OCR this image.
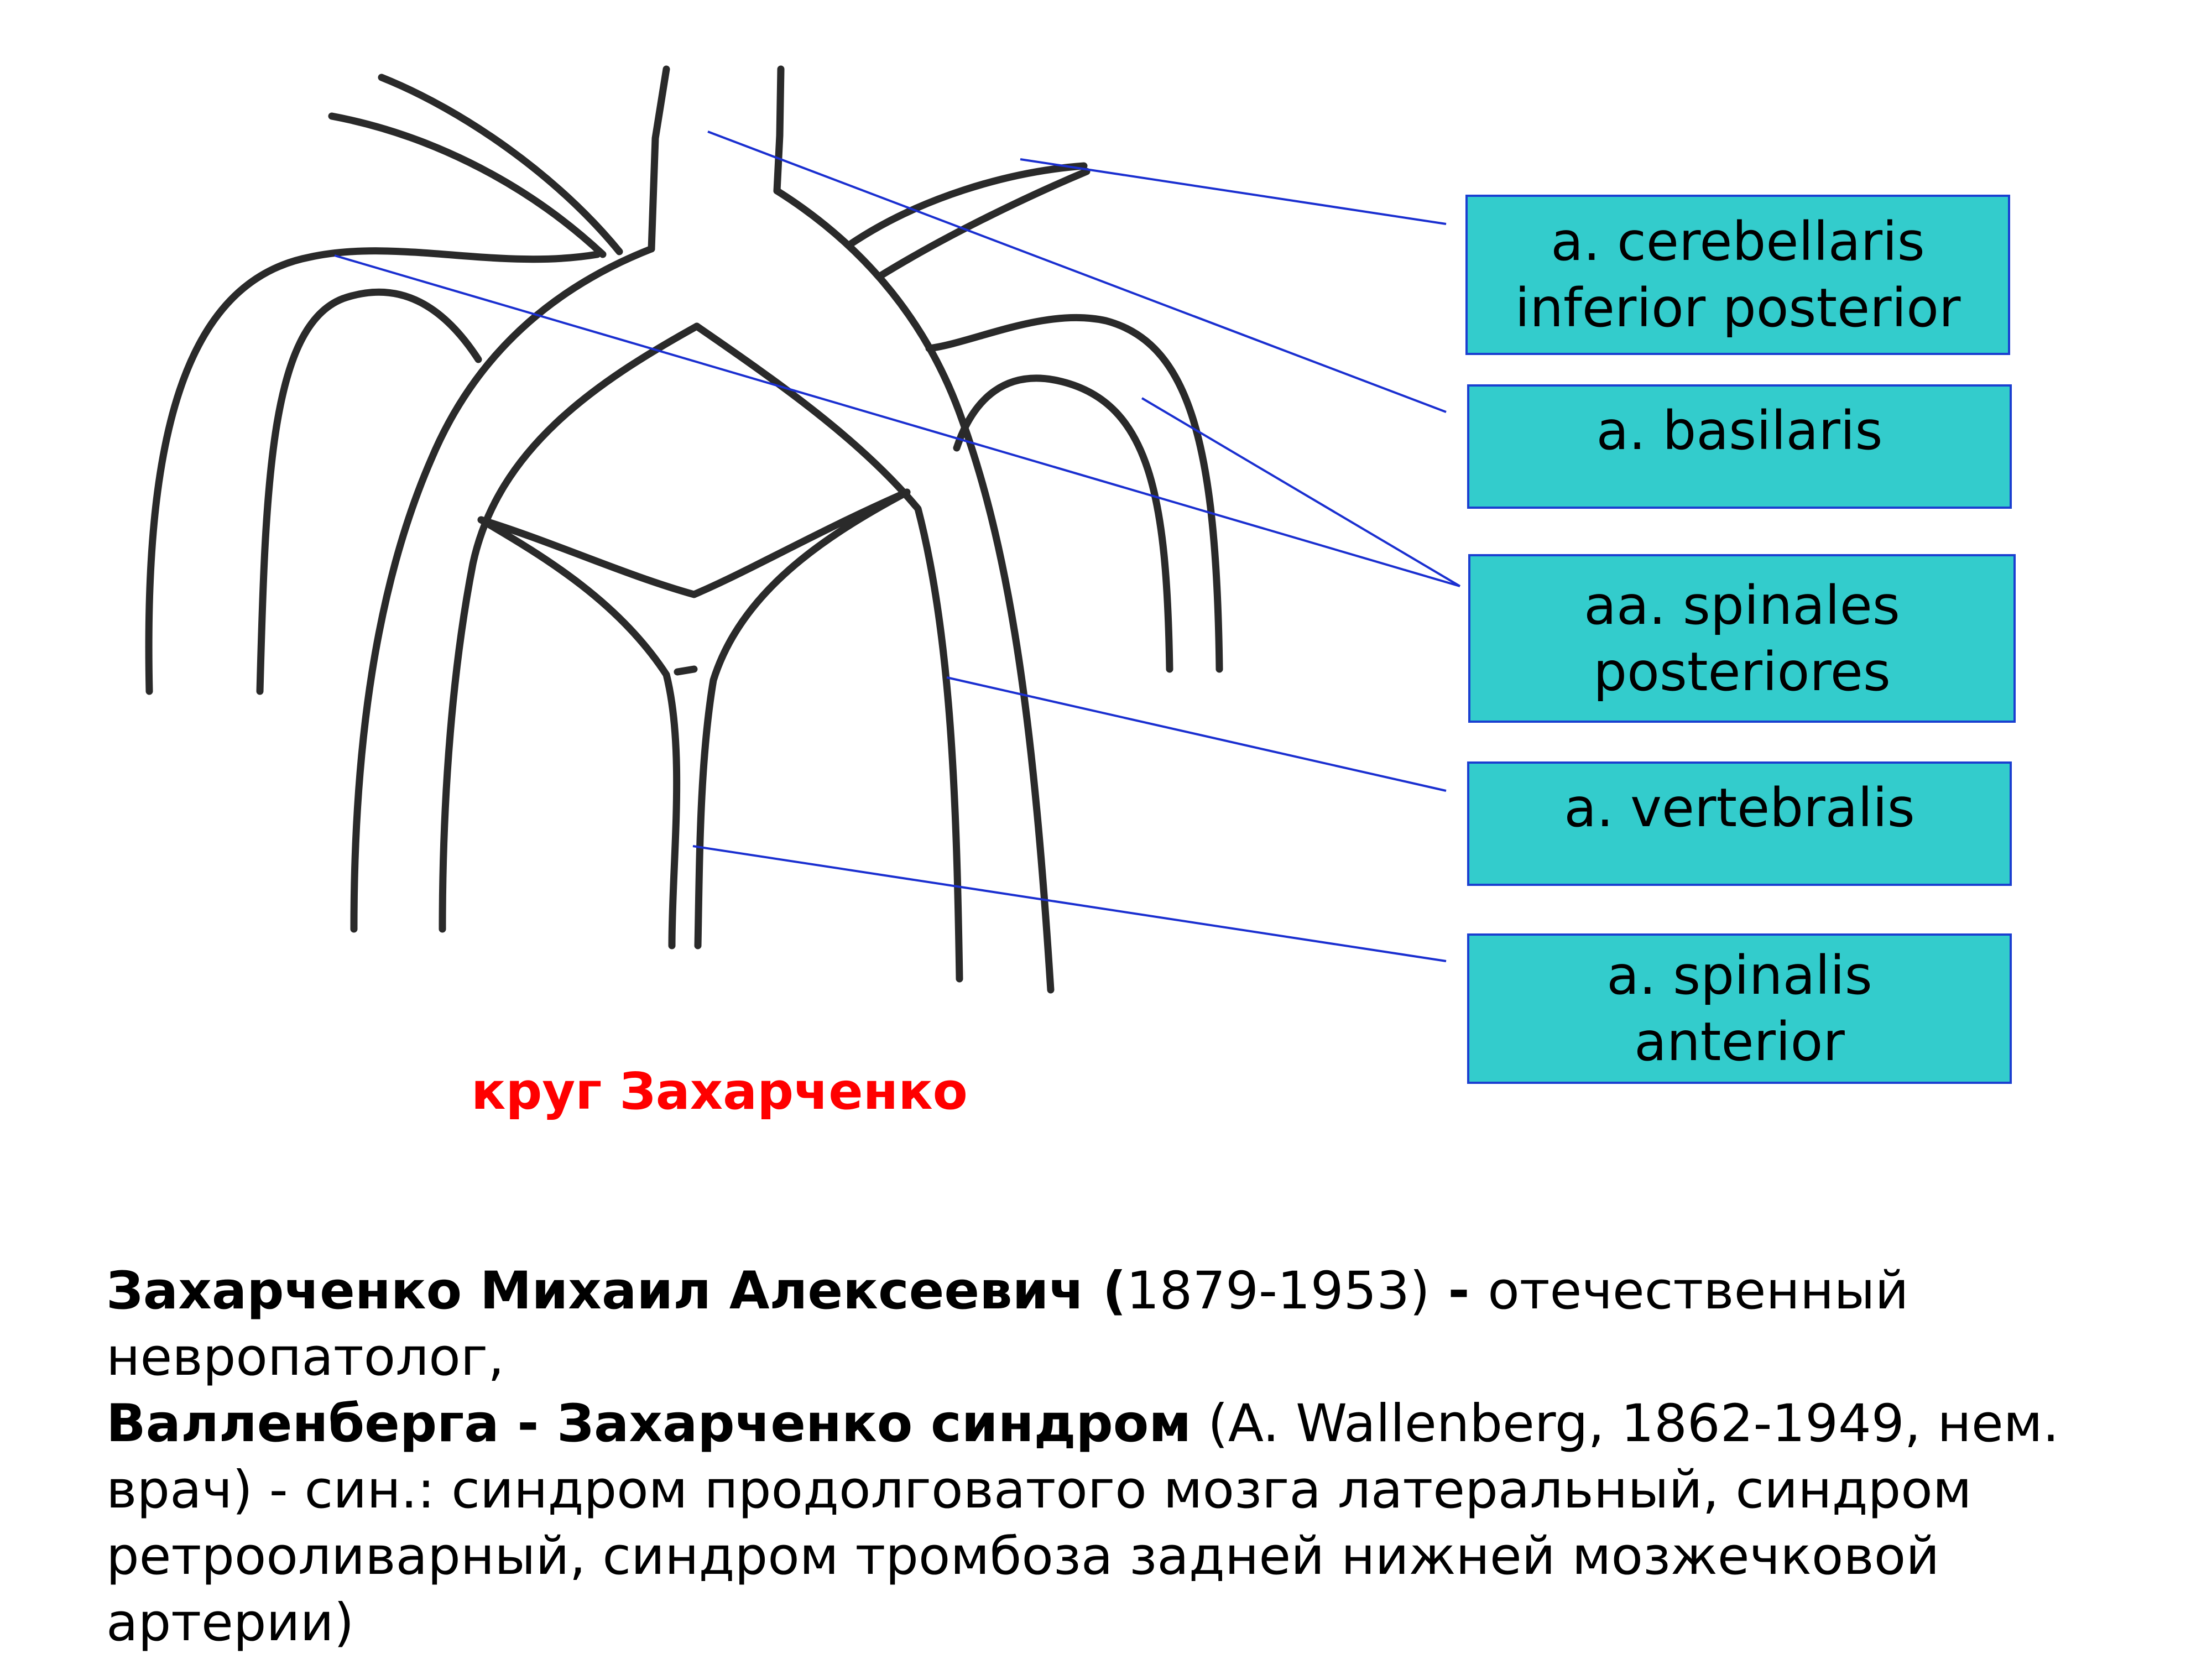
a. cerebellaris
inferior posterior
a. basilaris
aa. spinales
posteriores
a. vertebralis
a. spinalis
anterior
круг Захарченко
Захарченко Михаил Алексеевич (1879-1953) - отечественный невропатолог,
Валленберга - Захарченко синдром (A. Wallenberg, 1862-1949, нем. врач) - син.: синдром продолговатого мозга латеральный, синдром ретрооливарный, синдром тромбоза задней нижней мозжечковой артерии)
